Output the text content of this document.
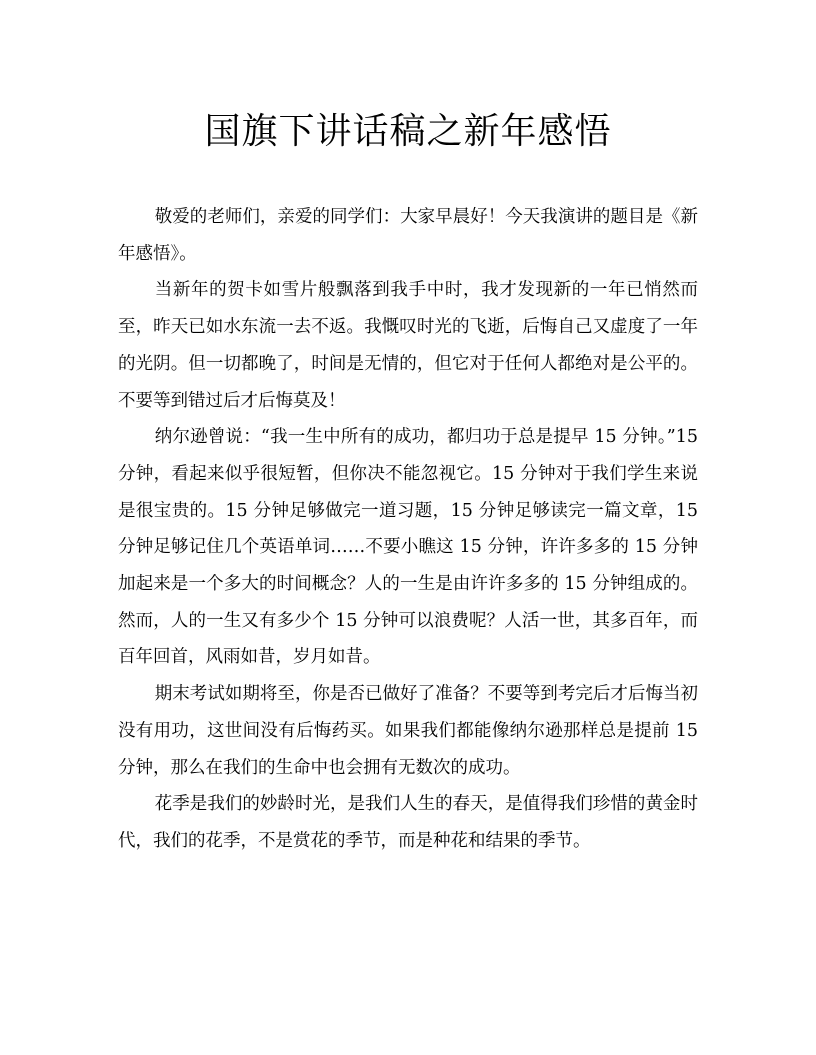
国旗下讲话稿之新年感悟

敬爱的老师们，亲爱的同学们：大家早晨好！今天我演讲的题目是《新年感悟》。

当新年的贺卡如雪片般飘落到我手中时，我才发现新的一年已悄然而至，昨天已如水东流一去不返。我慨叹时光的飞逝，后悔自己又虚度了一年的光阴。但一切都晚了，时间是无情的，但它对于任何人都绝对是公平的。不要等到错过后才后悔莫及！

纳尔逊曾说：“我一生中所有的成功，都归功于总是提早 15 分钟。”15 分钟，看起来似乎很短暂，但你决不能忽视它。15 分钟对于我们学生来说是很宝贵的。15 分钟足够做完一道习题，15 分钟足够读完一篇文章，15 分钟足够记住几个英语单词……不要小瞧这 15 分钟，许许多多的 15 分钟加起来是一个多大的时间概念？人的一生是由许许多多的 15 分钟组成的。然而，人的一生又有多少个 15 分钟可以浪费呢？人活一世，其多百年，而百年回首，风雨如昔，岁月如昔。

期末考试如期将至，你是否已做好了准备？不要等到考完后才后悔当初没有用功，这世间没有后悔药买。如果我们都能像纳尔逊那样总是提前 15 分钟，那么在我们的生命中也会拥有无数次的成功。

花季是我们的妙龄时光，是我们人生的春天，是值得我们珍惜的黄金时代，我们的花季，不是赏花的季节，而是种花和结果的季节。
